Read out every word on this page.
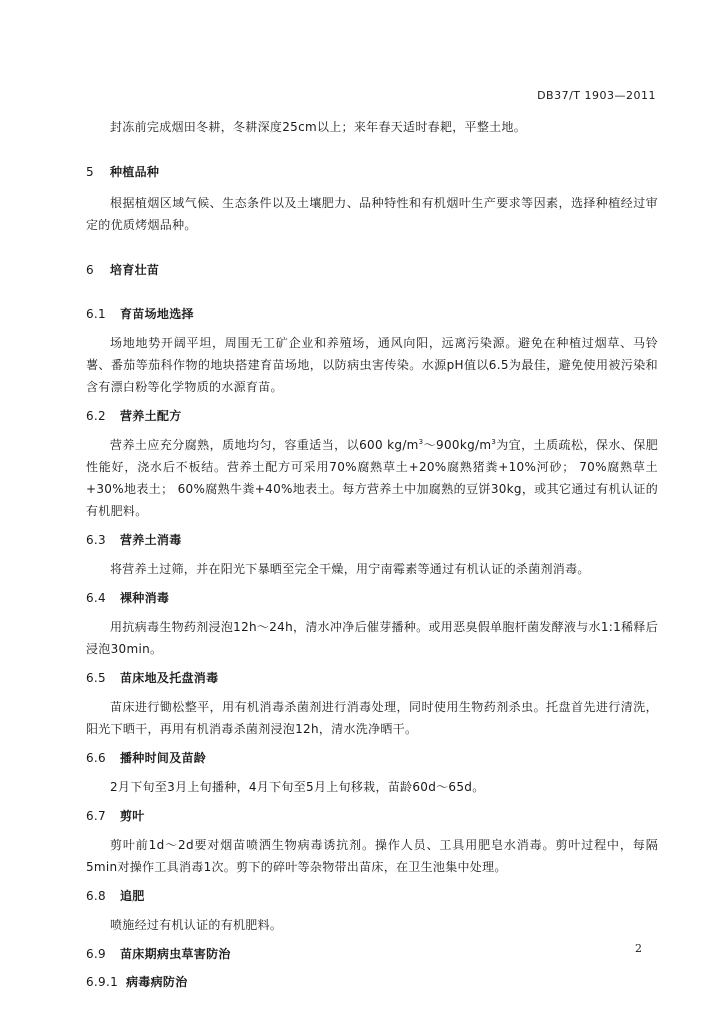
DB37/T 1903—2011

封冻前完成烟田冬耕，冬耕深度25cm以上；来年春天适时春耙，平整土地。

5 种植品种

根据植烟区域气候、生态条件以及土壤肥力、品种特性和有机烟叶生产要求等因素，选择种植经过审定的优质烤烟品种。

6 培育壮苗
6.1 育苗场地选择

场地地势开阔平坦，周围无工矿企业和养殖场，通风向阳，远离污染源。避免在种植过烟草、马铃薯、番茄等茄科作物的地块搭建育苗场地，以防病虫害传染。水源pH值以6.5为最佳，避免使用被污染和含有漂白粉等化学物质的水源育苗。

6.2 营养土配方

营养土应充分腐熟，质地均匀，容重适当，以600 $kg/m^3\sim 900kg/m^3$为宜，土质疏松，保水、保肥性能好，浇水后不板结。营养土配方可采用70%腐熟草土+20%腐熟猪粪+10%河砂； 70%腐熟草土+30%地表土； 60%腐熟牛粪+40%地表土。每方营养土中加腐熟的豆饼30kg，或其它通过有机认证的有机肥料。

6.3 营养土消毒

将营养土过筛，并在阳光下暴晒至完全干燥，用宁南霉素等通过有机认证的杀菌剂消毒。

6.4 裸种消毒

用抗病毒生物药剂浸泡12h～24h，清水冲净后催芽播种。或用恶臭假单胞杆菌发酵液与水1:1稀释后浸泡30min。

6.5 苗床地及托盘消毒

苗床进行锄松整平，用有机消毒杀菌剂进行消毒处理，同时使用生物药剂杀虫。托盘首先进行清洗，阳光下晒干，再用有机消毒杀菌剂浸泡12h，清水洗净晒干。

6.6 播种时间及苗龄

2月下旬至3月上旬播种，4月下旬至5月上旬移栽，苗龄60d～65d。

6.7 剪叶

剪叶前1d～2d要对烟苗喷洒生物病毒诱抗剂。操作人员、工具用肥皂水消毒。剪叶过程中，每隔5min对操作工具消毒1次。剪下的碎叶等杂物带出苗床，在卫生池集中处理。

6.8 追肥

喷施经过有机认证的有机肥料。

6.9 苗床期病虫草害防治
6.9.1 病毒病防治
2
